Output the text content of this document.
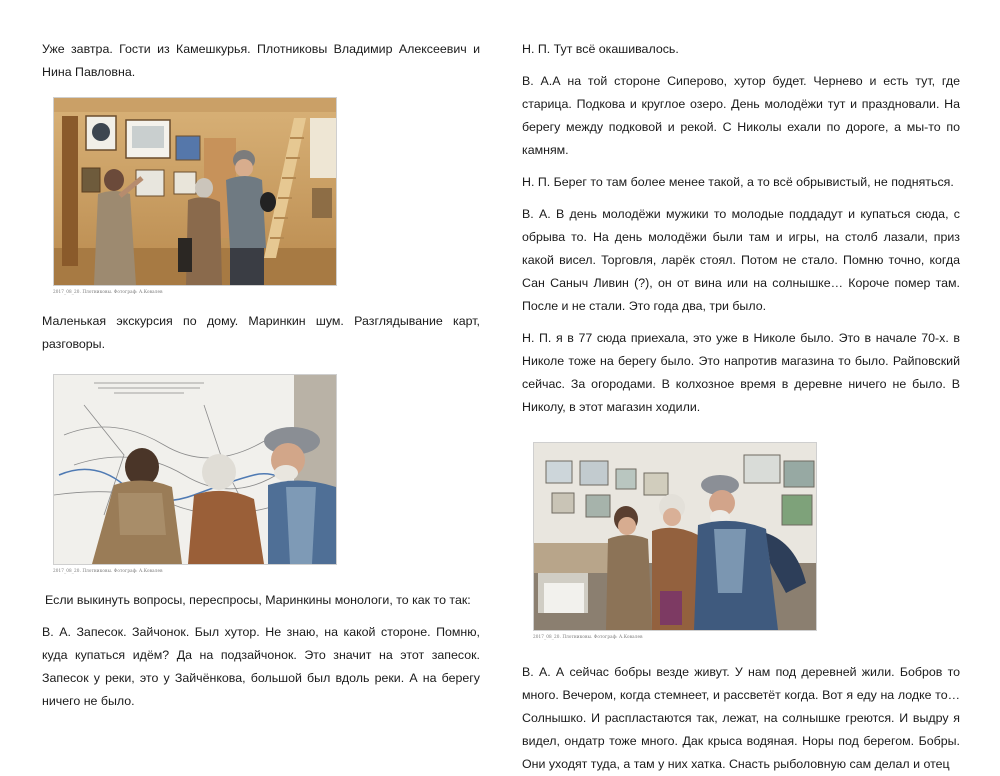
Уже завтра. Гости из Камешкурья. Плотниковы Владимир Алексеевич и Нина Павловна.

2017_08_20. Плотниковы. Фотограф: А.Ковалев

Маленькая экскурсия по дому. Маринкин шум. Разглядывание карт, разговоры.

2017_08_20. Плотниковы. Фотограф: А.Ковалев

Если выкинуть вопросы, переспросы, Маринкины монологи, то как то так:

В. А. Запесок. Зайчонок. Был хутор. Не знаю, на какой стороне. Помню, куда купаться идём? Да на подзайчонок. Это значит на этот запесок. Запесок у реки, это у Зайчёнкова, большой был вдоль реки. А на берегу ничего не было.

Н. П. Тут всё окашивалось.

В. А.А на той стороне Сиперово, хутор будет. Черневo и есть тут, где старица. Подкова и круглое озеро. День молодёжи тут и праздновали. На берегу между подковой и рекой. С Николы ехали по дороге, а мы-то по камням.

Н. П. Берег то там более менее такой, а то всё обрывистый, не подняться.

В. А. В день молодёжи мужики то молодые поддадут и купаться сюда, с обрыва то. На день молодёжи были там и игры, на столб лазали, приз какой висел. Торговля, ларёк стоял. Потом не стало. Помню точно, когда Сан Саныч Ливин (?), он от вина или на солнышке… Короче помер там. После и не стали. Это года два, три было.

Н. П. я в 77 сюда приехала, это уже в Николе было. Это в начале 70-х. в Николе тоже на берегу было. Это напротив магазина то было. Райповский сейчас. За огородами. В колхозное время в деревне ничего не было. В Николу, в этот магазин ходили.

2017_08_20. Плотниковы. Фотограф: А.Ковалев

В. А. А сейчас бобры везде живут. У нам под деревней жили. Бобров то много. Вечером, когда стемнеет, и рассветёт когда. Вот я еду на лодке то… Солнышко. И распластаются так, лежат, на солнышке греются. И выдру я видел, ондатр тоже много. Дак крыса водяная. Норы под берегом. Бобры. Они уходят туда, а там у них хатка. Снасть рыболовную сам делал и отец
